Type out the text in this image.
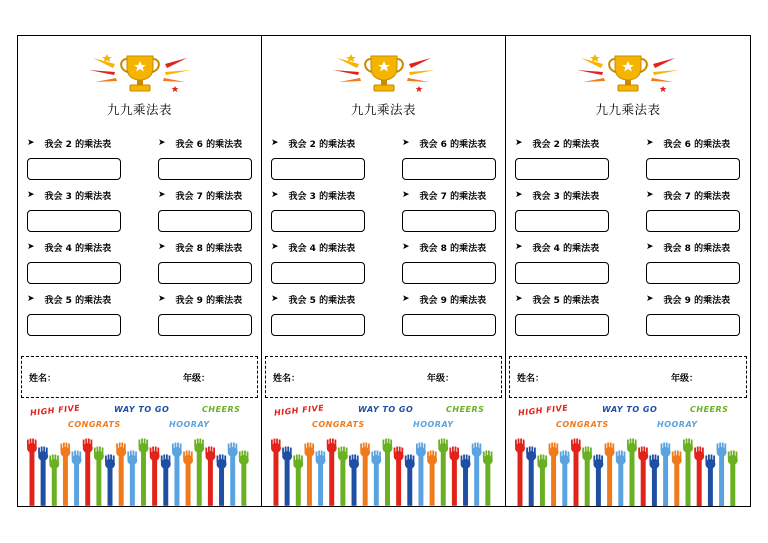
九九乘法表
➤ 我会 2 的乘法表	➤ 我会 6 的乘法表
➤ 我会 3 的乘法表	➤ 我会 7 的乘法表
➤ 我会 4 的乘法表	➤ 我会 8 的乘法表
➤ 我会 5 的乘法表	➤ 我会 9 的乘法表
姓名：	年级：
HIGH FIVE	WAY TO GO	CHEERS
CONGRATS	HOORAY
九九乘法表
➤ 我会 2 的乘法表	➤ 我会 6 的乘法表
➤ 我会 3 的乘法表	➤ 我会 7 的乘法表
➤ 我会 4 的乘法表	➤ 我会 8 的乘法表
➤ 我会 5 的乘法表	➤ 我会 9 的乘法表
姓名：	年级：
HIGH FIVE	WAY TO GO	CHEERS
CONGRATS	HOORAY
九九乘法表
➤ 我会 2 的乘法表	➤ 我会 6 的乘法表
➤ 我会 3 的乘法表	➤ 我会 7 的乘法表
➤ 我会 4 的乘法表	➤ 我会 8 的乘法表
➤ 我会 5 的乘法表	➤ 我会 9 的乘法表
姓名：	年级：
HIGH FIVE	WAY TO GO	CHEERS
CONGRATS	HOORAY
